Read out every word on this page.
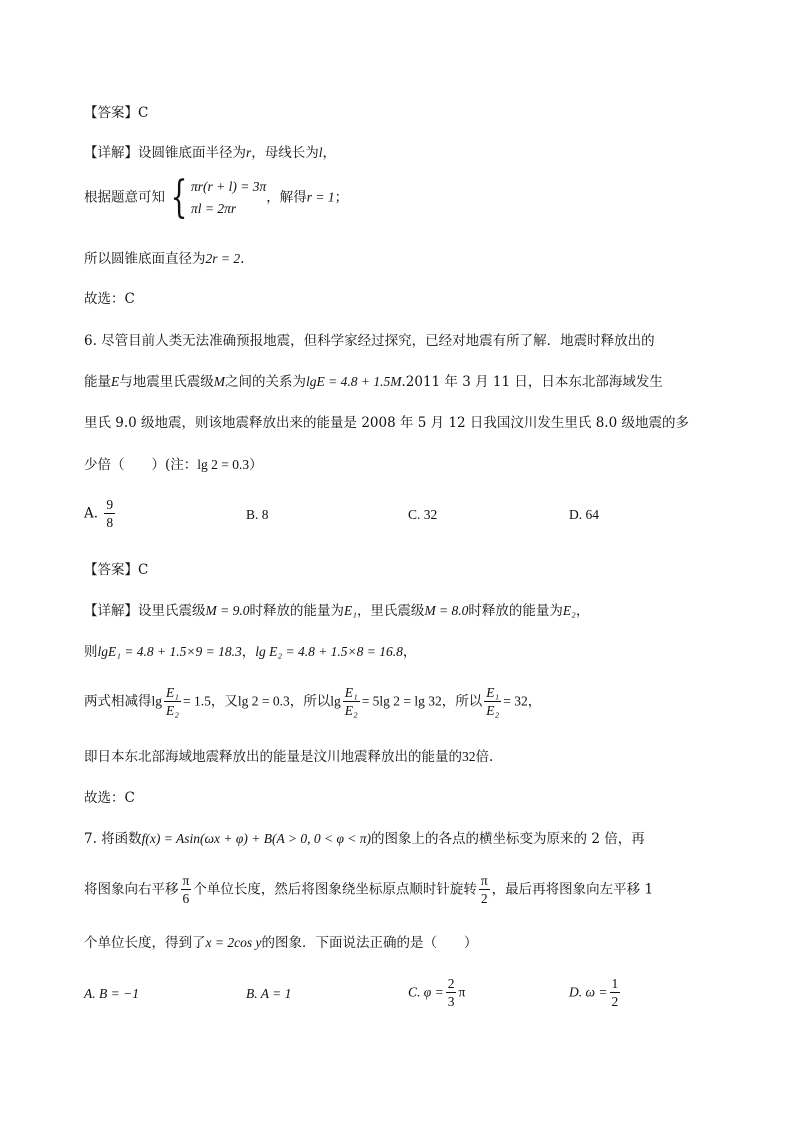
【答案】C
【详解】设圆锥底面半径为r，母线长为l，
根据题意可知 { πr(r + l) = 3π
πl = 2πr
，解得r = 1；
所以圆锥底面直径为2r = 2.
故选：C
6. 尽管目前人类无法准确预报地震，但科学家经过探究，已经对地震有所了解．地震时释放出的
能量E与地震里氏震级M之间的关系为lgE = 4.8 + 1.5M.2011 年 3 月 11 日，日本东北部海域发生
里氏 9.0 级地震，则该地震释放出来的能量是 2008 年 5 月 12 日我国汶川发生里氏 8.0 级地震的多
少倍（　　）(注：lg 2 = 0.3）
A. $\frac{9}{8}$	B. 8	C. 32	D. 64
【答案】C
【详解】设里氏震级M = 9.0时释放的能量为E₁，里氏震级M = 8.0时释放的能量为E₂，
则lgE₁ = 4.8 + 1.5×9 = 18.3，lg E₂ = 4.8 + 1.5×8 = 16.8，
两式相减得$\lg \frac{\text{E₁}}{\text{E₂}} = 1.5$，又lg 2 = 0.3，所以$\lg \frac{\text{E₁}}{\text{E₂}} = 5\lg$ 2 = lg 32，所以 $\frac{\text{E₁}}{\text{E₂}} = 32$，
即日本东北部海域地震释放出的能量是汶川地震释放出的能量的32倍.
故选：C
7. 将函数f(x) = Asin(ωx + φ) + B(A > 0, 0 < φ < π)的图象上的各点的横坐标变为原来的 2 倍，再
将图象向右平移 $\frac{\pi}{6}$ 个单位长度，然后将图象绕坐标原点顺时针旋转 $\frac{\pi}{2}$ ，最后再将图象向左平移 1
个单位长度，得到了x = 2cos y的图象．下面说法正确的是（　　）
A. B = −1	B. A = 1	C. $\varphi = \frac{2}{3}$ π	D. $\omega = \frac{1}{2}$
